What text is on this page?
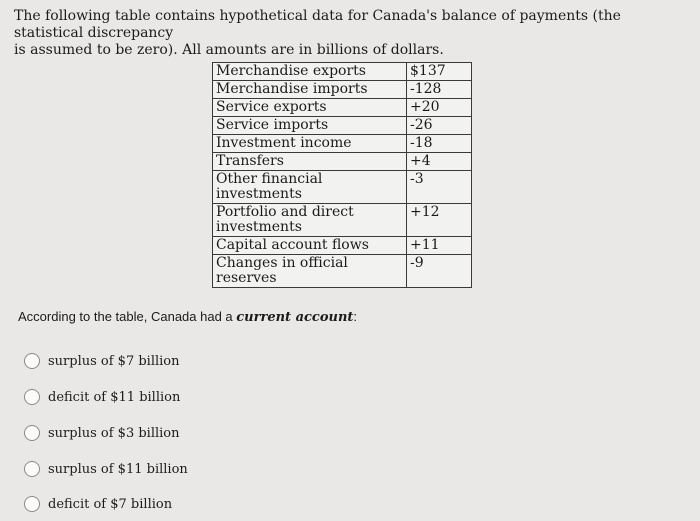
The following table contains hypothetical data for Canada's balance of payments (the statistical discrepancy
is assumed to be zero). All amounts are in billions of dollars.
Merchandise exports	$137
Merchandise imports	-128
Service exports	+20
Service imports	-26
Investment income	-18
Transfers	+4
Other financial investments	-3
Portfolio and direct investments	+12
Capital account flows	+11
Changes in official reserves	-9
According to the table, Canada had a current account:
surplus of $7 billion
deficit of $11 billion
surplus of $3 billion
surplus of $11 billion
deficit of $7 billion
